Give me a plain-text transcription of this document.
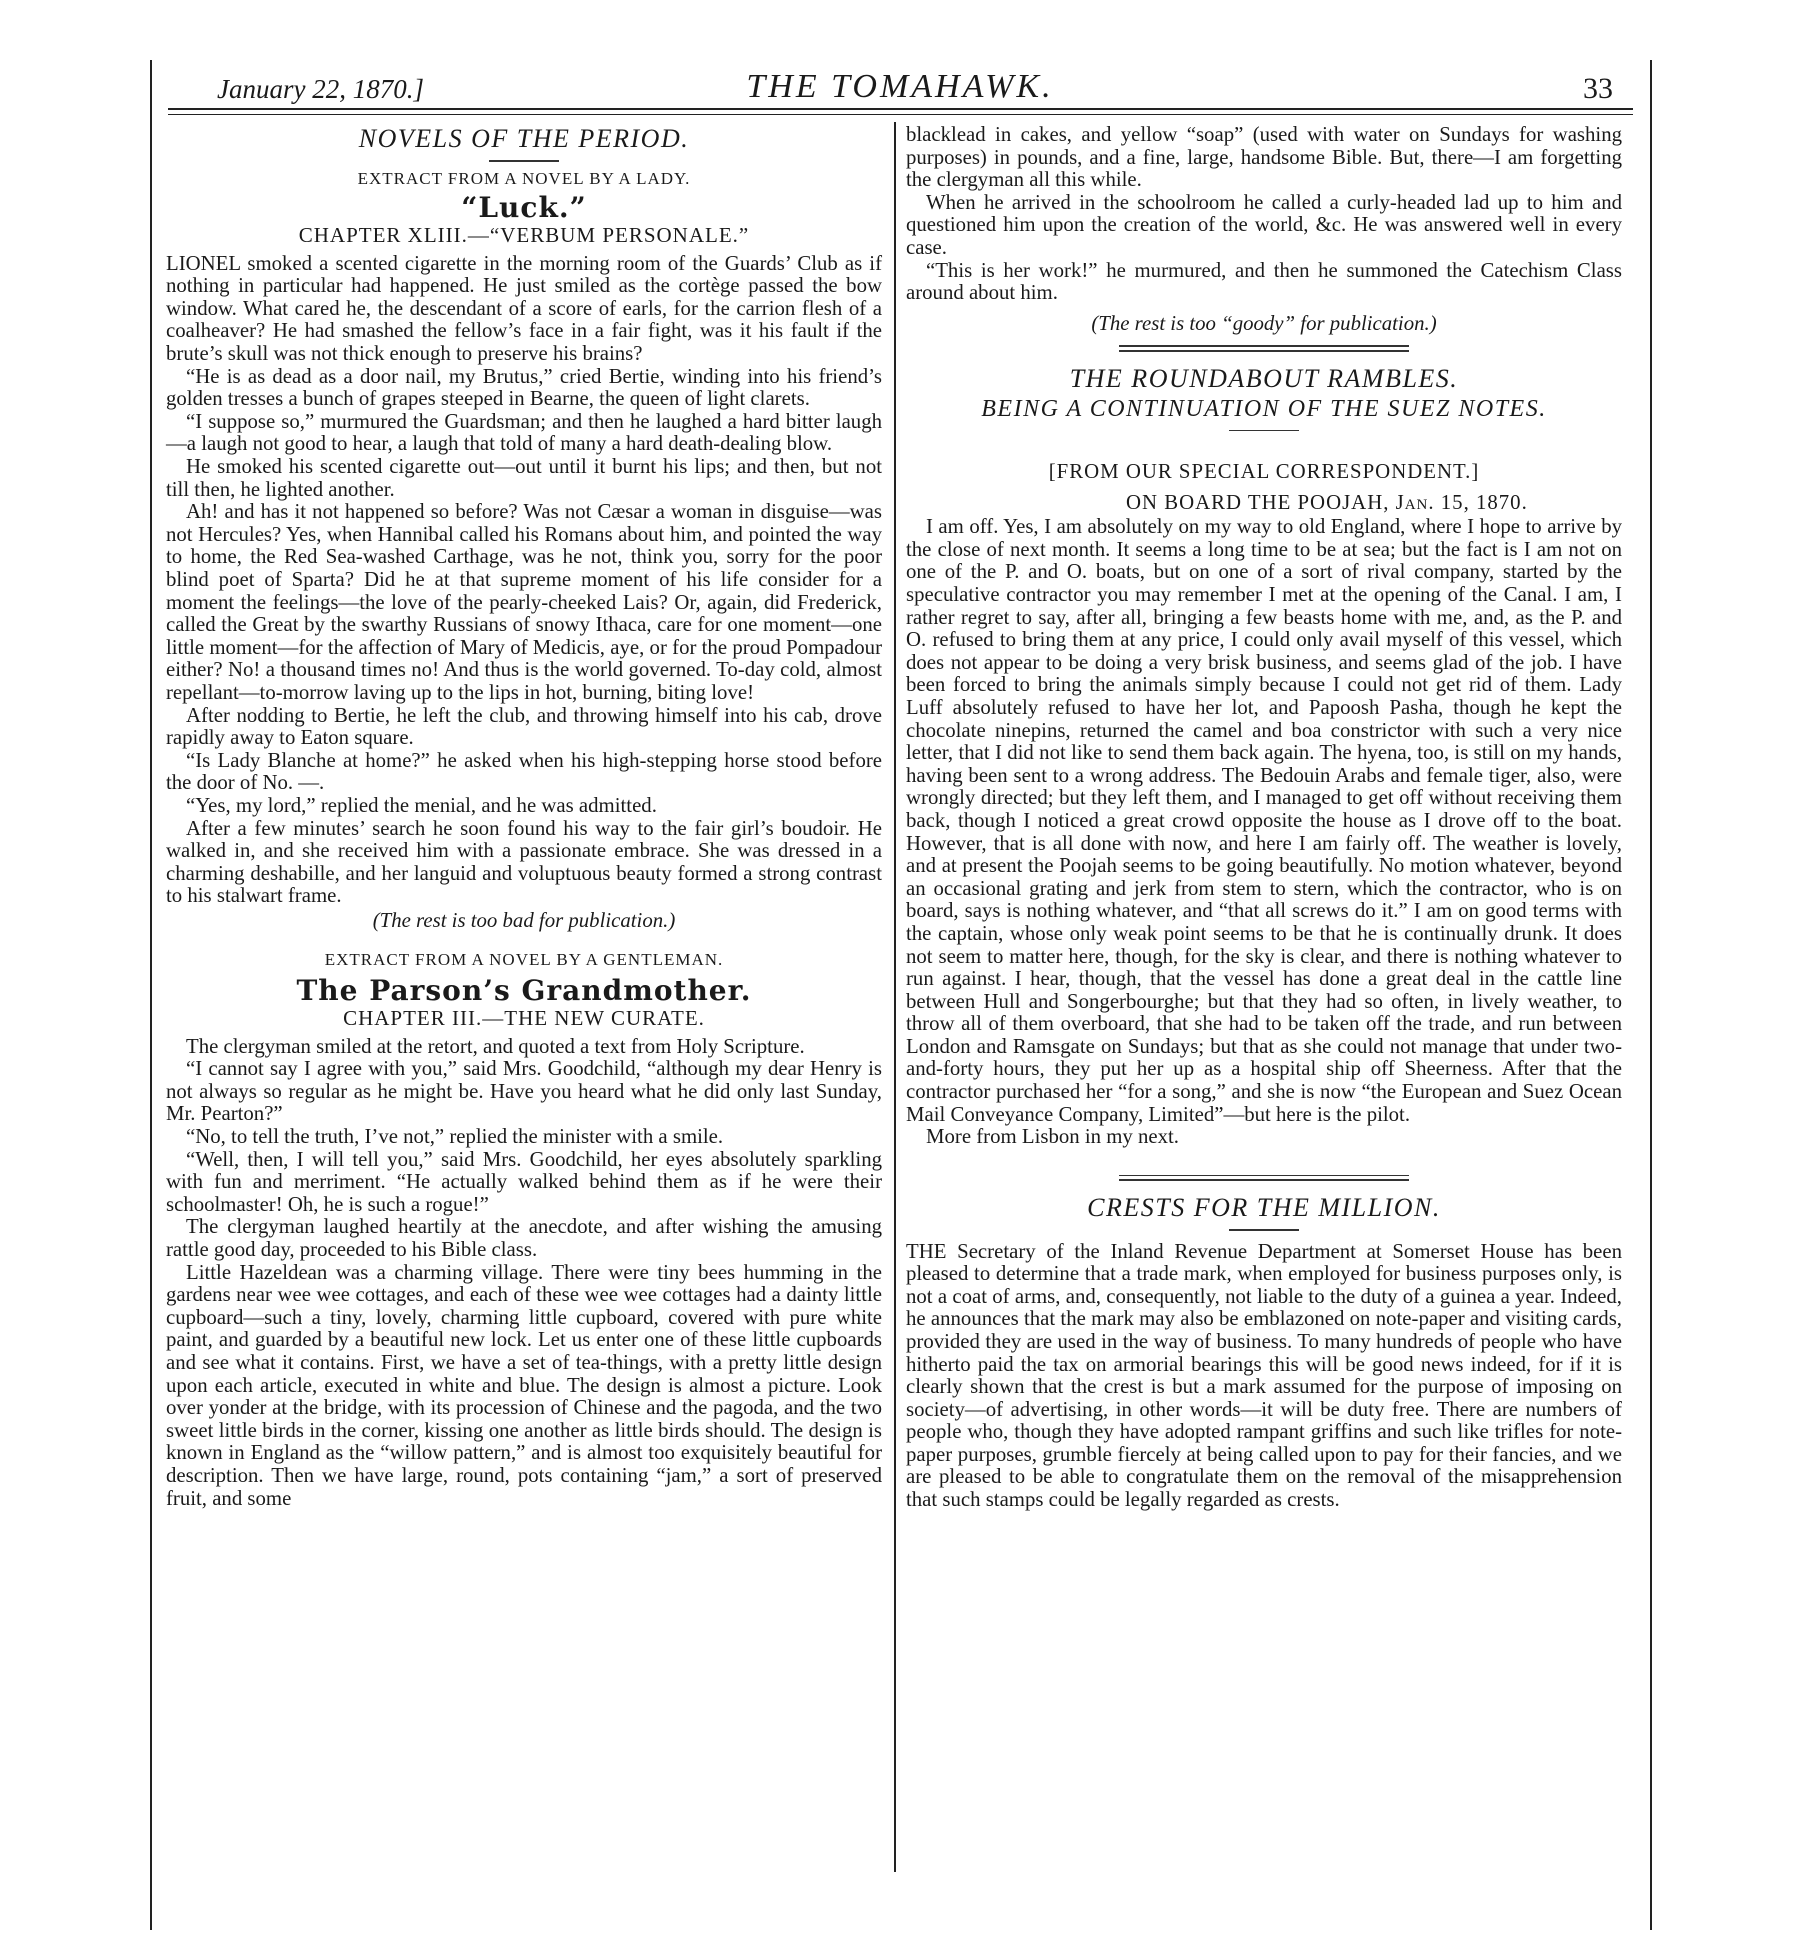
January 22, 1870.]	THE TOMAHAWK.	33
NOVELS OF THE PERIOD.
EXTRACT FROM A NOVEL BY A LADY.
“Luck.”
CHAPTER XLIII.—“VERBUM PERSONALE.”

LIONEL smoked a scented cigarette in the morning room of the Guards’ Club as if nothing in particular had happened. He just smiled as the cortège passed the bow window. What cared he, the descendant of a score of earls, for the carrion flesh of a coalheaver? He had smashed the fellow’s face in a fair fight, was it his fault if the brute’s skull was not thick enough to preserve his brains?

“He is as dead as a door nail, my Brutus,” cried Bertie, winding into his friend’s golden tresses a bunch of grapes steeped in Bearne, the queen of light clarets.

“I suppose so,” murmured the Guardsman; and then he laughed a hard bitter laugh—a laugh not good to hear, a laugh that told of many a hard death-dealing blow.

He smoked his scented cigarette out—out until it burnt his lips; and then, but not till then, he lighted another.

Ah! and has it not happened so before? Was not Cæsar a woman in disguise—was not Hercules? Yes, when Hannibal called his Romans about him, and pointed the way to home, the Red Sea-washed Carthage, was he not, think you, sorry for the poor blind poet of Sparta? Did he at that supreme moment of his life consider for a moment the feelings—the love of the pearly-cheeked Lais? Or, again, did Frederick, called the Great by the swarthy Russians of snowy Ithaca, care for one moment—one little moment—for the affection of Mary of Medicis, aye, or for the proud Pompadour either? No! a thousand times no! And thus is the world governed. To-day cold, almost repellant—to-morrow laving up to the lips in hot, burning, biting love!

After nodding to Bertie, he left the club, and throwing himself into his cab, drove rapidly away to Eaton square.

“Is Lady Blanche at home?” he asked when his high-stepping horse stood before the door of No. —.

“Yes, my lord,” replied the menial, and he was admitted.

After a few minutes’ search he soon found his way to the fair girl’s boudoir. He walked in, and she received him with a passionate embrace. She was dressed in a charming deshabille, and her languid and voluptuous beauty formed a strong contrast to his stalwart frame.

(The rest is too bad for publication.)
EXTRACT FROM A NOVEL BY A GENTLEMAN.
The Parson’s Grandmother.
CHAPTER III.—THE NEW CURATE.

The clergyman smiled at the retort, and quoted a text from Holy Scripture.

“I cannot say I agree with you,” said Mrs. Goodchild, “although my dear Henry is not always so regular as he might be. Have you heard what he did only last Sunday, Mr. Pearton?”

“No, to tell the truth, I’ve not,” replied the minister with a smile.

“Well, then, I will tell you,” said Mrs. Goodchild, her eyes absolutely sparkling with fun and merriment. “He actually walked behind them as if he were their schoolmaster! Oh, he is such a rogue!”

The clergyman laughed heartily at the anecdote, and after wishing the amusing rattle good day, proceeded to his Bible class.

Little Hazeldean was a charming village. There were tiny bees humming in the gardens near wee wee cottages, and each of these wee wee cottages had a dainty little cupboard—such a tiny, lovely, charming little cupboard, covered with pure white paint, and guarded by a beautiful new lock. Let us enter one of these little cupboards and see what it contains. First, we have a set of tea-things, with a pretty little design upon each article, executed in white and blue. The design is almost a picture. Look over yonder at the bridge, with its procession of Chinese and the pagoda, and the two sweet little birds in the corner, kissing one another as little birds should. The design is known in England as the “willow pattern,” and is almost too exquisitely beautiful for description. Then we have large, round, pots containing “jam,” a sort of preserved fruit, and some

blacklead in cakes, and yellow “soap” (used with water on Sundays for washing purposes) in pounds, and a fine, large, handsome Bible. But, there—I am forgetting the clergyman all this while.

When he arrived in the schoolroom he called a curly-headed lad up to him and questioned him upon the creation of the world, &c. He was answered well in every case.

“This is her work!” he murmured, and then he summoned the Catechism Class around about him.

(The rest is too “goody” for publication.)
THE ROUNDABOUT RAMBLES.
BEING A CONTINUATION OF THE SUEZ NOTES.
[FROM OUR SPECIAL CORRESPONDENT.]
ON BOARD THE POOJAH, Jan. 15, 1870.

I am off. Yes, I am absolutely on my way to old England, where I hope to arrive by the close of next month. It seems a long time to be at sea; but the fact is I am not on one of the P. and O. boats, but on one of a sort of rival company, started by the speculative contractor you may remember I met at the opening of the Canal. I am, I rather regret to say, after all, bringing a few beasts home with me, and, as the P. and O. refused to bring them at any price, I could only avail myself of this vessel, which does not appear to be doing a very brisk business, and seems glad of the job. I have been forced to bring the animals simply because I could not get rid of them. Lady Luff absolutely refused to have her lot, and Papoosh Pasha, though he kept the chocolate ninepins, returned the camel and boa constrictor with such a very nice letter, that I did not like to send them back again. The hyena, too, is still on my hands, having been sent to a wrong address. The Bedouin Arabs and female tiger, also, were wrongly directed; but they left them, and I managed to get off without receiving them back, though I noticed a great crowd opposite the house as I drove off to the boat. However, that is all done with now, and here I am fairly off. The weather is lovely, and at present the Poojah seems to be going beautifully. No motion whatever, beyond an occasional grating and jerk from stem to stern, which the contractor, who is on board, says is nothing whatever, and “that all screws do it.” I am on good terms with the captain, whose only weak point seems to be that he is continually drunk. It does not seem to matter here, though, for the sky is clear, and there is nothing whatever to run against. I hear, though, that the vessel has done a great deal in the cattle line between Hull and Songerbourghe; but that they had so often, in lively weather, to throw all of them overboard, that she had to be taken off the trade, and run between London and Ramsgate on Sundays; but that as she could not manage that under two-and-forty hours, they put her up as a hospital ship off Sheerness. After that the contractor purchased her “for a song,” and she is now “the European and Suez Ocean Mail Conveyance Company, Limited”—but here is the pilot.

More from Lisbon in my next.

CRESTS FOR THE MILLION.

THE Secretary of the Inland Revenue Department at Somerset House has been pleased to determine that a trade mark, when employed for business purposes only, is not a coat of arms, and, consequently, not liable to the duty of a guinea a year. Indeed, he announces that the mark may also be emblazoned on note-paper and visiting cards, provided they are used in the way of business. To many hundreds of people who have hitherto paid the tax on armorial bearings this will be good news indeed, for if it is clearly shown that the crest is but a mark assumed for the purpose of imposing on society—of advertising, in other words—it will be duty free. There are numbers of people who, though they have adopted rampant griffins and such like trifles for note-paper purposes, grumble fiercely at being called upon to pay for their fancies, and we are pleased to be able to congratulate them on the removal of the misapprehension that such stamps could be legally regarded as crests.
